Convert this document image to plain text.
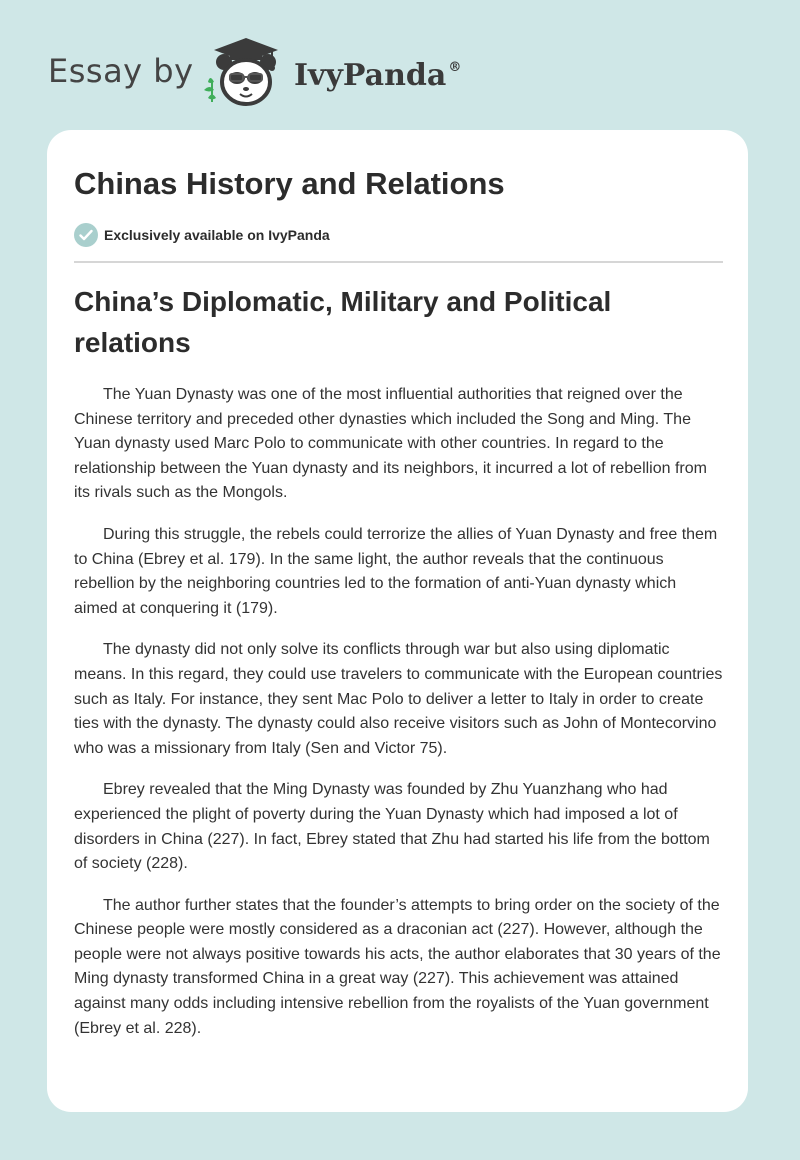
Essay by	IvyPanda ®
Chinas History and Relations
Exclusively available on IvyPanda
China’s Diplomatic, Military and Political relations

The Yuan Dynasty was one of the most influential authorities that reigned over the Chinese territory and preceded other dynasties which included the Song and Ming. The Yuan dynasty used Marc Polo to communicate with other countries. In regard to the relationship between the Yuan dynasty and its neighbors, it incurred a lot of rebellion from its rivals such as the Mongols.

During this struggle, the rebels could terrorize the allies of Yuan Dynasty and free them to China (Ebrey et al. 179). In the same light, the author reveals that the continuous rebellion by the neighboring countries led to the formation of anti-Yuan dynasty which aimed at conquering it (179).

The dynasty did not only solve its conflicts through war but also using diplomatic means. In this regard, they could use travelers to communicate with the European countries such as Italy. For instance, they sent Mac Polo to deliver a letter to Italy in order to create ties with the dynasty. The dynasty could also receive visitors such as John of Montecorvino who was a missionary from Italy (Sen and Victor 75).

Ebrey revealed that the Ming Dynasty was founded by Zhu Yuanzhang who had experienced the plight of poverty during the Yuan Dynasty which had imposed a lot of disorders in China (227). In fact, Ebrey stated that Zhu had started his life from the bottom of society (228).

The author further states that the founder’s attempts to bring order on the society of the Chinese people were mostly considered as a draconian act (227). However, although the people were not always positive towards his acts, the author elaborates that 30 years of the Ming dynasty transformed China in a great way (227). This achievement was attained against many odds including intensive rebellion from the royalists of the Yuan government (Ebrey et al. 228).
